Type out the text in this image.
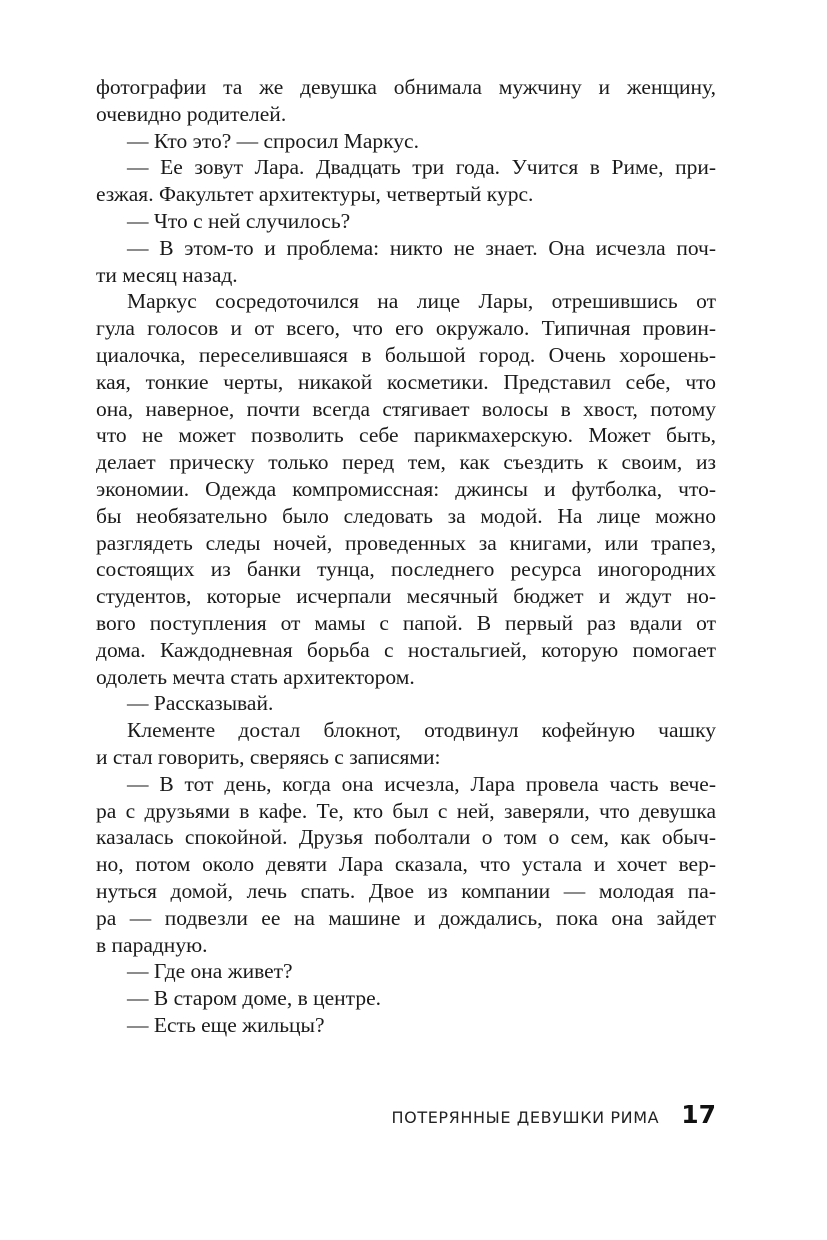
фотографии та же девушка обнимала мужчину и женщину,
очевидно родителей.
— Кто это? — спросил Маркус.
— Ее зовут Лара. Двадцать три года. Учится в Риме, при-
езжая. Факультет архитектуры, четвертый курс.
— Что с ней случилось?
— В этом-то и проблема: никто не знает. Она исчезла поч-
ти месяц назад.
Маркус сосредоточился на лице Лары, отрешившись от
гула голосов и от всего, что его окружало. Типичная провин-
циалочка, переселившаяся в большой город. Очень хорошень-
кая, тонкие черты, никакой косметики. Представил себе, что
она, наверное, почти всегда стягивает волосы в хвост, потому
что не может позволить себе парикмахерскую. Может быть,
делает прическу только перед тем, как съездить к своим, из
экономии. Одежда компромиссная: джинсы и футболка, что-
бы необязательно было следовать за модой. На лице можно
разглядеть следы ночей, проведенных за книгами, или трапез,
состоящих из банки тунца, последнего ресурса иногородних
студентов, которые исчерпали месячный бюджет и ждут но-
вого поступления от мамы с папой. В первый раз вдали от
дома. Каждодневная борьба с ностальгией, которую помогает
одолеть мечта стать архитектором.
— Рассказывай.
Клементе достал блокнот, отодвинул кофейную чашку
и стал говорить, сверяясь с записями:
— В тот день, когда она исчезла, Лара провела часть вече-
ра с друзьями в кафе. Те, кто был с ней, заверяли, что девушка
казалась спокойной. Друзья поболтали о том о сем, как обыч-
но, потом около девяти Лара сказала, что устала и хочет вер-
нуться домой, лечь спать. Двое из компании — молодая па-
ра — подвезли ее на машине и дождались, пока она зайдет
в парадную.
— Где она живет?
— В старом доме, в центре.
— Есть еще жильцы?
ПОТЕРЯННЫЕ ДЕВУШКИ РИМА 17
